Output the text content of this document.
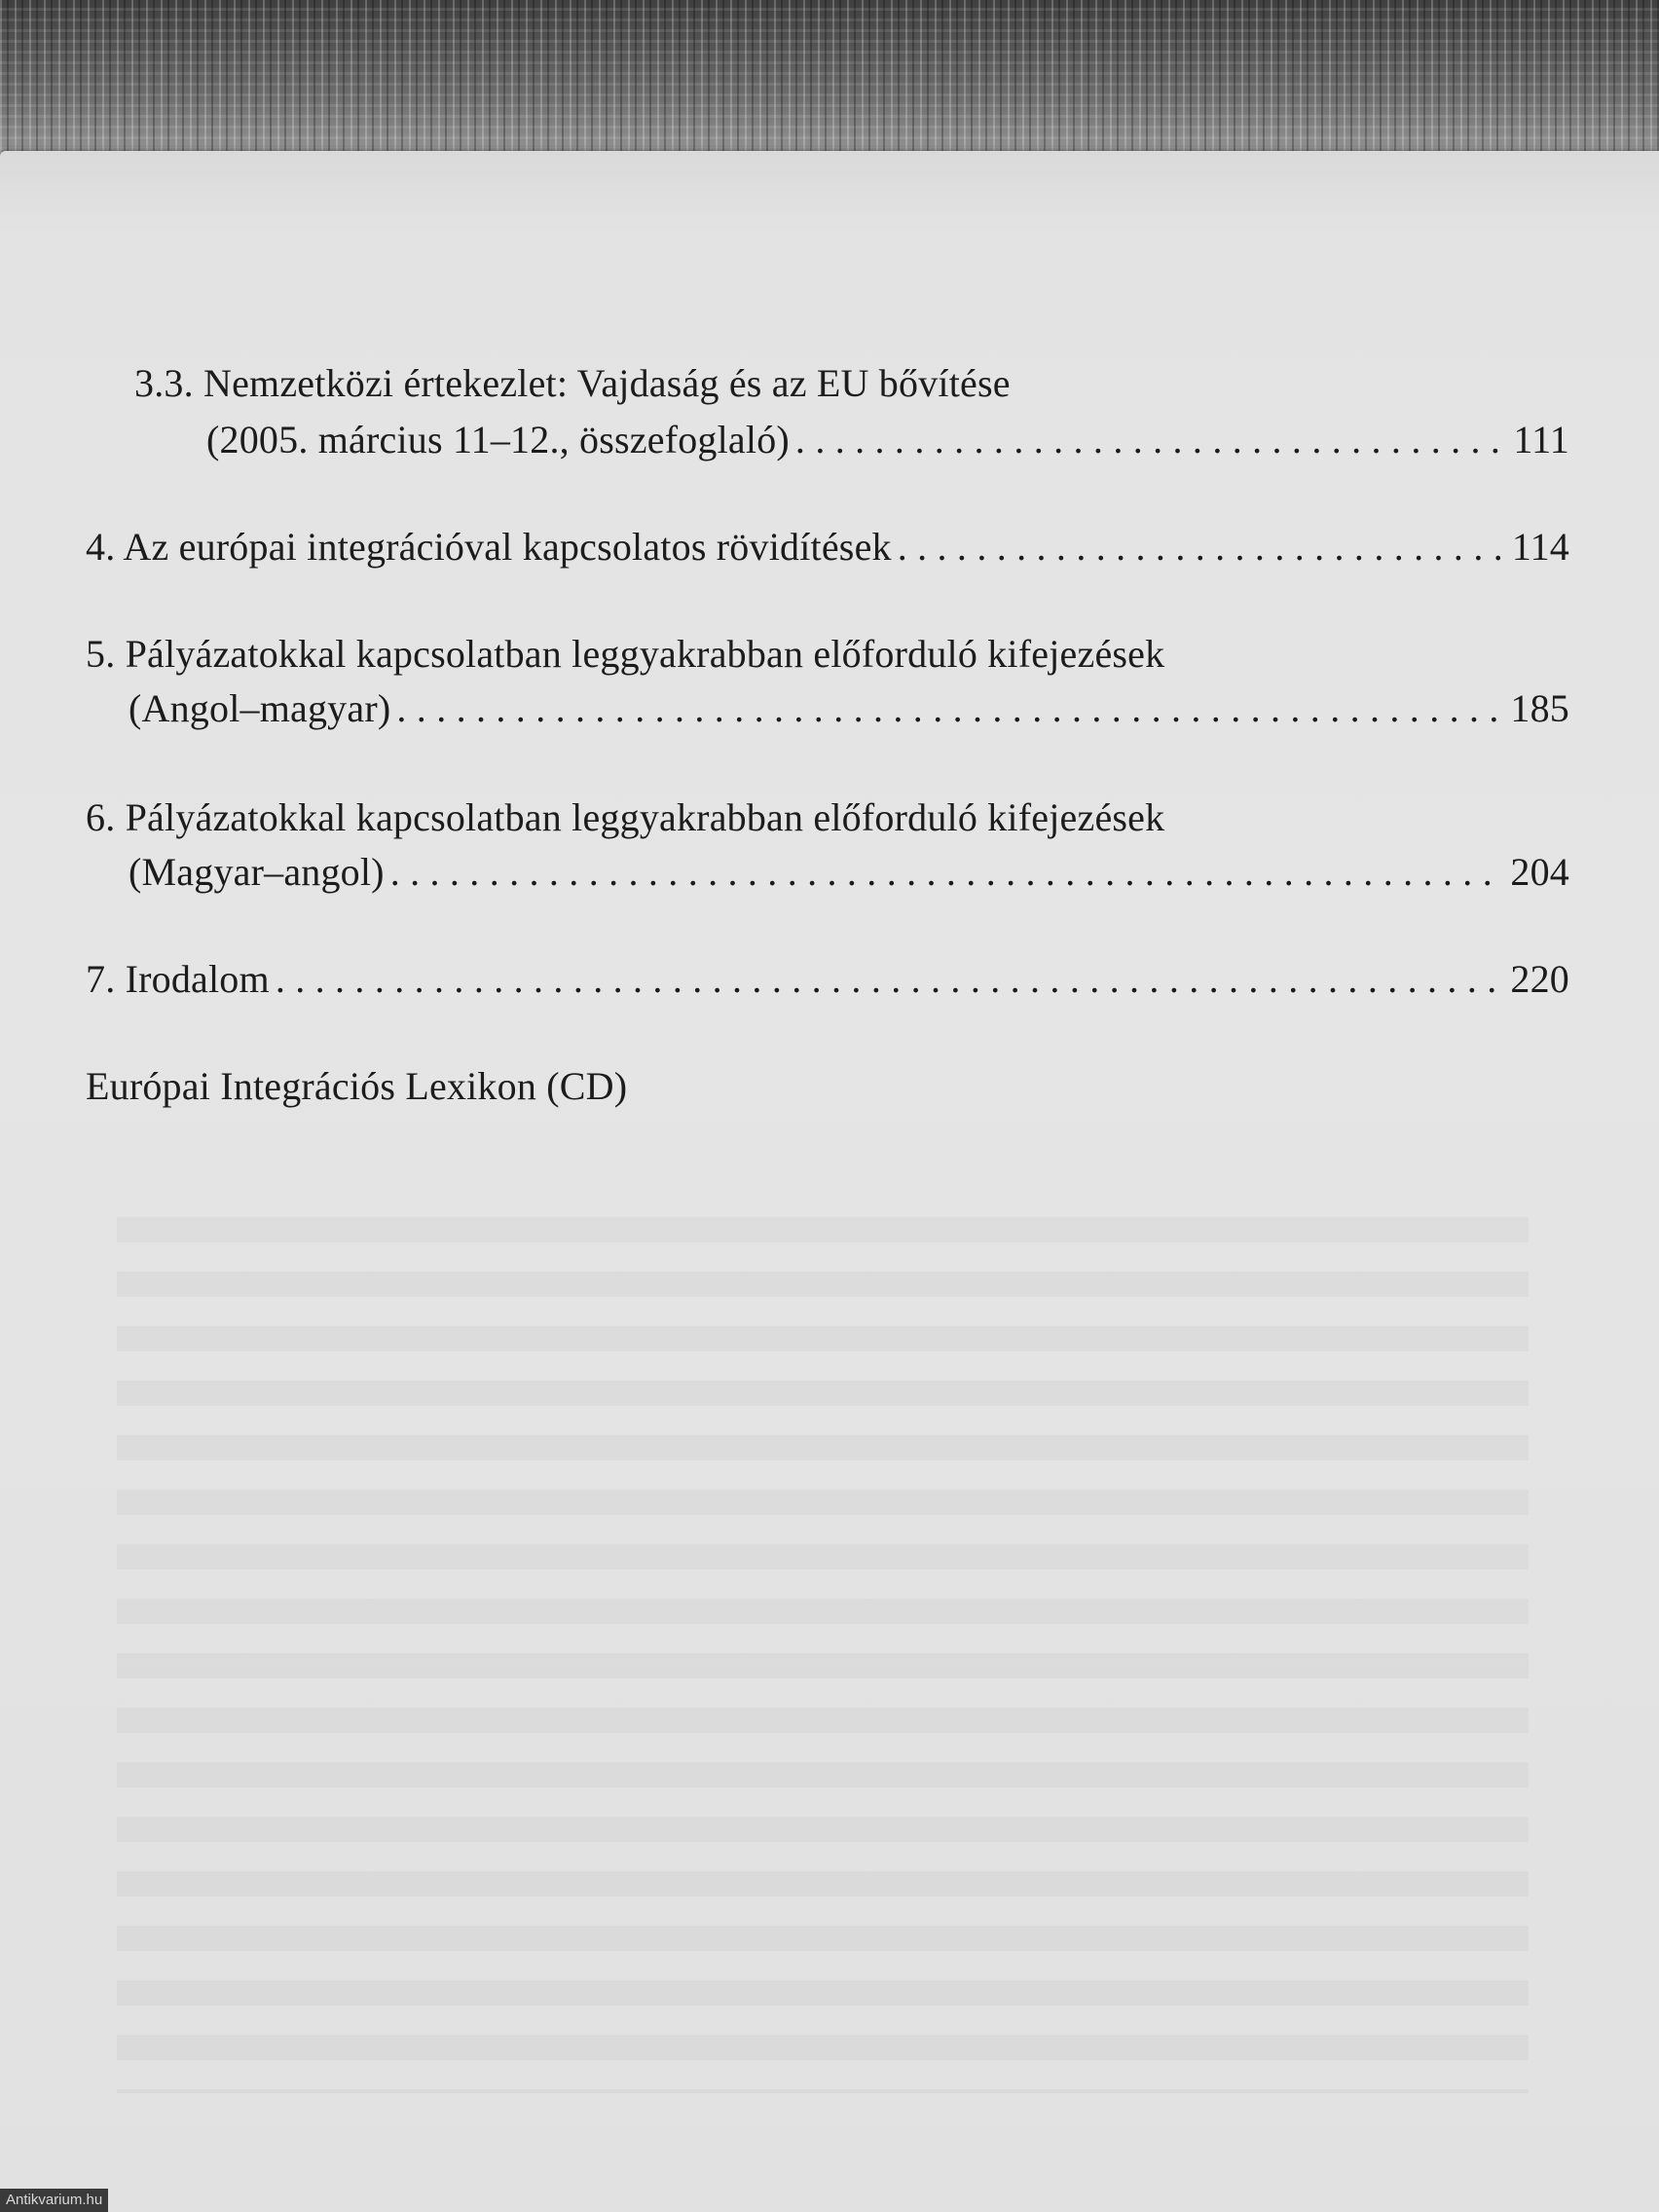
3.3. Nemzetközi értekezlet: Vajdaság és az EU bővítése
(2005. március 11–12., összefoglaló) . . .	111
4. Az európai integrációval kapcsolatos rövidítések . . .	114
5. Pályázatokkal kapcsolatban leggyakrabban előforduló kifejezések
(Angol–magyar) . . .	185
6. Pályázatokkal kapcsolatban leggyakrabban előforduló kifejezések
(Magyar–angol) . . .	204
7. Irodalom . . .	220
Európai Integrációs Lexikon (CD)
Antikvarium.hu
